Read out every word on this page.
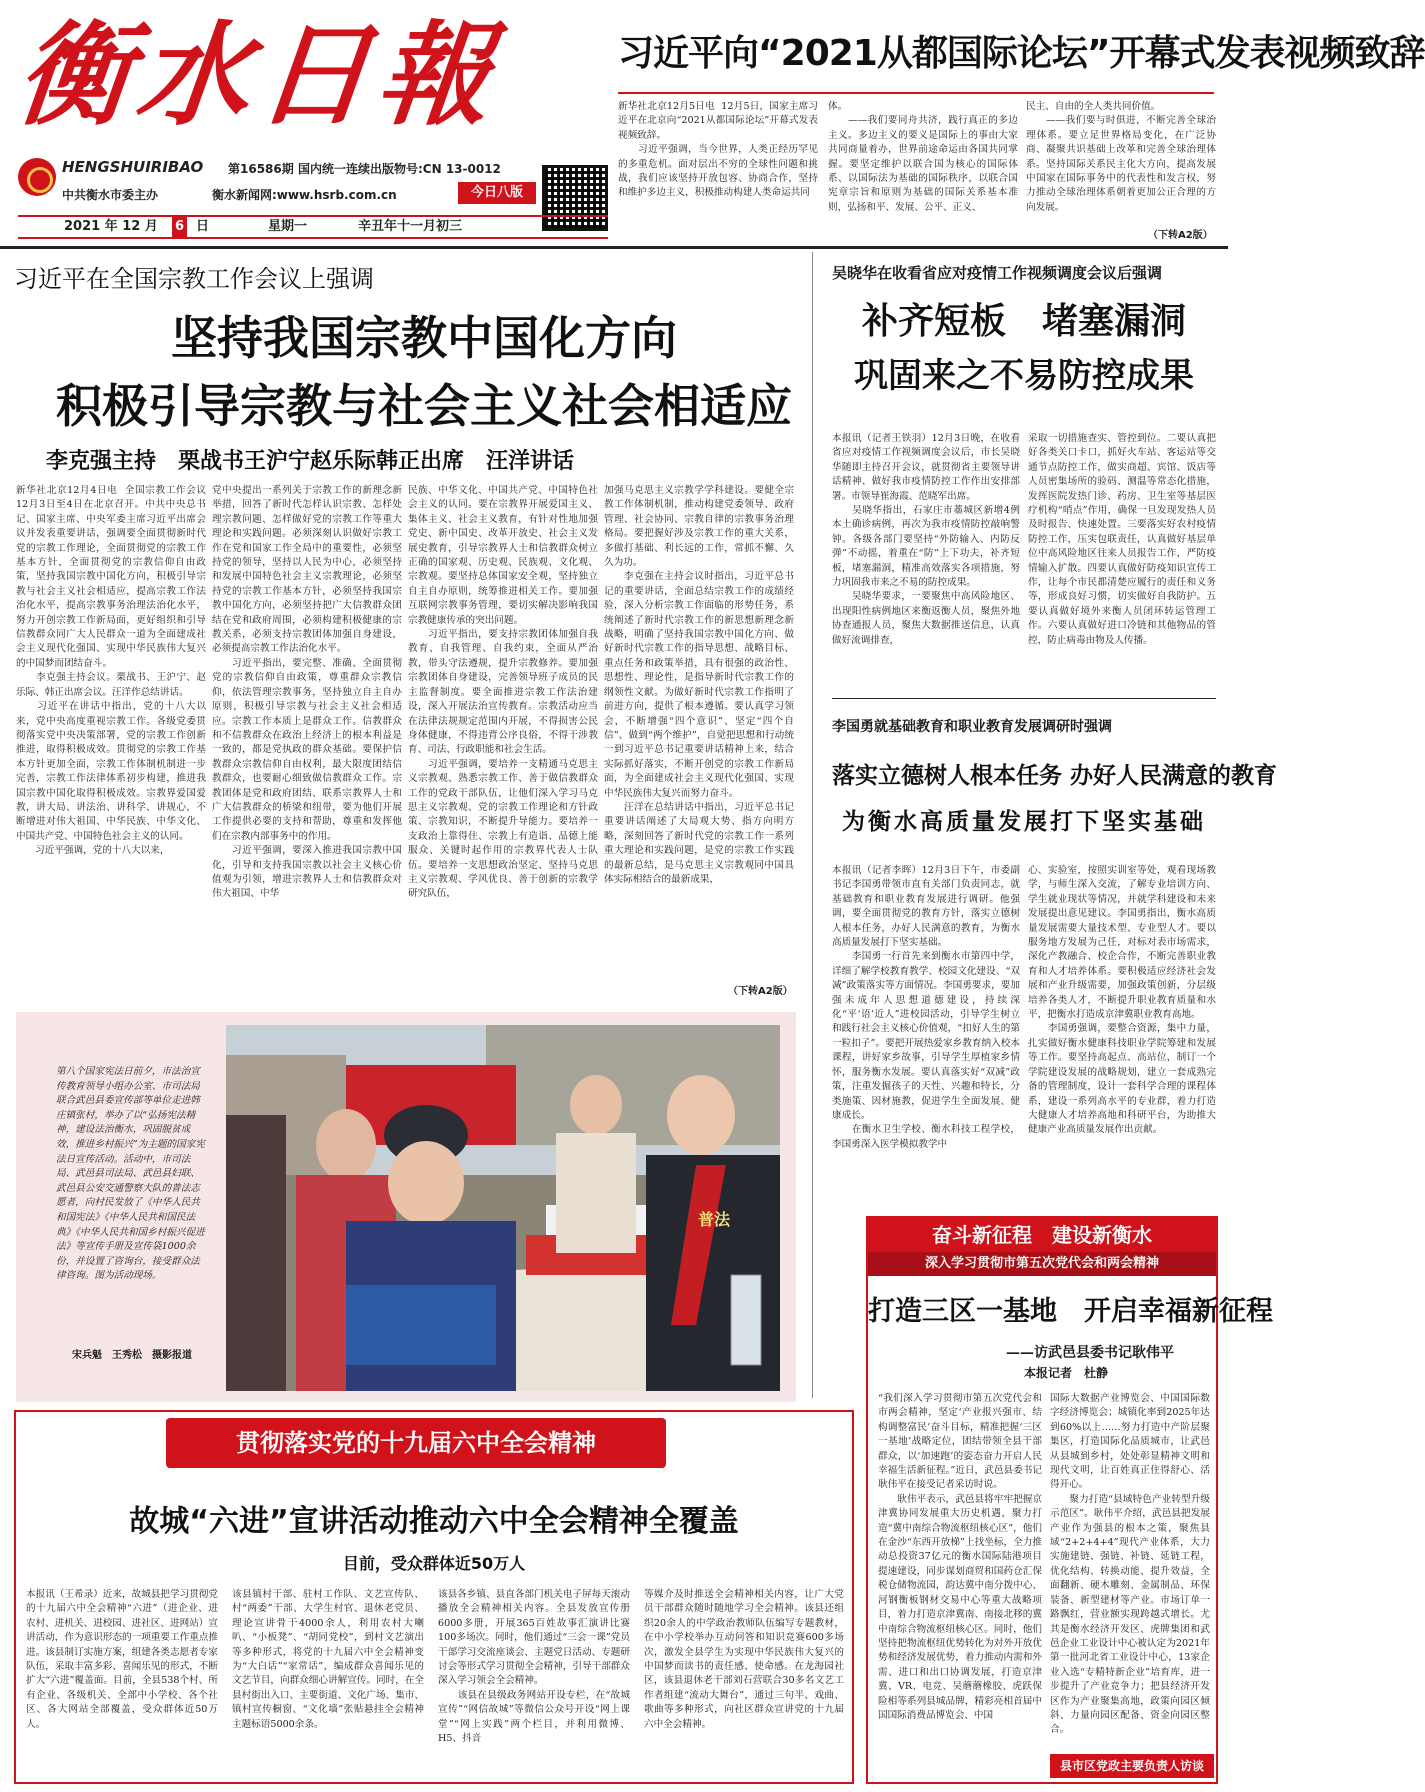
衡水日報	习近平向“2021从都国际论坛”开幕式发表视频致辞
HENGSHUIRIBAO 第16586期 国内统一连续出版物号:CN 13-0012
中共衡水市委主办	衡水新闻网:www.hsrb.com.cn	今日八版
2021 年 12 月 6 日	星期一	辛丑年十一月初三
新华社北京12月5日电  12月5日，国家主席习近平在北京向“2021从都国际论坛”开幕式发表视频致辞。
　　习近平强调，当今世界，人类正经历罕见的多重危机。面对层出不穷的全球性问题和挑战，我们应该坚持开放包容、协商合作，坚持和维护多边主义，积极推动构建人类命运共同
体。
　　——我们要同舟共济，践行真正的多边主义。多边主义的要义是国际上的事由大家共同商量着办，世界前途命运由各国共同掌握。要坚定维护以联合国为核心的国际体系、以国际法为基础的国际秩序，以联合国宪章宗旨和原则为基础的国际关系基本准则，弘扬和平、发展、公平、正义、
民主、自由的全人类共同价值。
　　——我们要与时俱进，不断完善全球治理体系。要立足世界格局变化，在广泛协商、凝聚共识基础上改革和完善全球治理体系。坚持国际关系民主化大方向，提高发展中国家在国际事务中的代表性和发言权，努力推动全球治理体系朝着更加公正合理的方向发展。
（下转A2版）
习近平在全国宗教工作会议上强调
坚持我国宗教中国化方向
积极引导宗教与社会主义社会相适应
李克强主持　栗战书王沪宁赵乐际韩正出席　汪洋讲话
新华社北京12月4日电  全国宗教工作会议12月3日至4日在北京召开。中共中央总书记、国家主席、中央军委主席习近平出席会议并发表重要讲话，强调要全面贯彻新时代党的宗教工作理论，全面贯彻党的宗教工作基本方针，全面贯彻党的宗教信仰自由政策，坚持我国宗教中国化方向，积极引导宗教与社会主义社会相适应，提高宗教工作法治化水平，提高宗教事务治理法治化水平，努力开创宗教工作新局面，更好组织和引导信教群众同广大人民群众一道为全面建成社会主义现代化强国、实现中华民族伟大复兴的中国梦而团结奋斗。
　　李克强主持会议。栗战书、王沪宁、赵乐际、韩正出席会议。汪洋作总结讲话。
　　习近平在讲话中指出，党的十八大以来，党中央高度重视宗教工作。各级党委贯彻落实党中央决策部署，党的宗教工作创新推进，取得积极成效。贯彻党的宗教工作基本方针更加全面，宗教工作体制机制进一步完善，宗教工作法律体系初步构建，推进我国宗教中国化取得积极成效。宗教界爱国爱教，讲大局、讲法治、讲科学、讲规心，不断增进对伟大祖国、中华民族、中华文化、中国共产党、中国特色社会主义的认同。
　　习近平强调，党的十八大以来，
党中央提出一系列关于宗教工作的新理念新举措，回答了新时代怎样认识宗教、怎样处理宗教问题、怎样做好党的宗教工作等重大理论和实践问题。必须深刻认识做好宗教工作在党和国家工作全局中的重要性，必须坚持党的领导，坚持以人民为中心，必须坚持和发展中国特色社会主义宗教理论，必须坚持党的宗教工作基本方针，必须坚持我国宗教中国化方向，必须坚持把广大信教群众团结在党和政府周围，必须构建积极健康的宗教关系，必须支持宗教团体加强自身建设，必须提高宗教工作法治化水平。
　　习近平指出，要完整、准确、全面贯彻党的宗教信仰自由政策，尊重群众宗教信仰，依法管理宗教事务，坚持独立自主自办原则，积极引导宗教与社会主义社会相适应。宗教工作本质上是群众工作。信教群众和不信教群众在政治上经济上的根本利益是一致的，都是党执政的群众基础。要保护信教群众宗教信仰自由权利，最大限度团结信教群众，也要耐心细致做信教群众工作。宗教团体是党和政府团结、联系宗教界人士和广大信教群众的桥梁和纽带，要为他们开展工作提供必要的支持和帮助，尊重和发挥他们在宗教内部事务中的作用。
　　习近平强调，要深入推进我国宗教中国化，引导和支持我国宗教以社会主义核心价值观为引领，增进宗教界人士和信教群众对伟大祖国、中华
民族、中华文化、中国共产党、中国特色社会主义的认同。要在宗教界开展爱国主义、集体主义、社会主义教育，有针对性地加强党史、新中国史、改革开放史、社会主义发展史教育，引导宗教界人士和信教群众树立正确的国家观、历史观、民族观、文化观、宗教观。要坚持总体国家安全观，坚持独立自主自办原则，统筹推进相关工作。要加强互联网宗教事务管理，要切实解决影响我国宗教健康传承的突出问题。
　　习近平指出，要支持宗教团体加强自我教育、自我管理、自我约束，全面从严治教，带头守法遵规，提升宗教修养。要加强宗教团体自身建设，完善领导班子成员的民主监督制度。要全面推进宗教工作法治建设，深入开展法治宣传教育。宗教活动应当在法律法规规定范围内开展，不得损害公民身体健康，不得违背公序良俗，不得干涉教育、司法、行政职能和社会生活。
　　习近平强调，要培养一支精通马克思主义宗教观、熟悉宗教工作、善于做信教群众工作的党政干部队伍，让他们深入学习马克思主义宗教观、党的宗教工作理论和方针政策、宗教知识，不断提升导能力。要培养一支政治上靠得住、宗教上有造诣、品德上能服众、关键时起作用的宗教界代表人士队伍。要培养一支思想政治坚定、坚持马克思主义宗教观、学风优良、善于创新的宗教学研究队伍，
加强马克思主义宗教学学科建设。要健全宗教工作体制机制，推动构建党委领导、政府管理、社会协同、宗教自律的宗教事务治理格局。要把握好涉及宗教工作的重大关系，多做打基础、利长远的工作，常抓不懈、久久为功。
　　李克强在主持会议时指出，习近平总书记的重要讲话，全面总结宗教工作的成绩经验，深入分析宗教工作面临的形势任务，系统阐述了新时代宗教工作的新思想新理念新战略，明确了坚持我国宗教中国化方向、做好新时代宗教工作的指导思想、战略目标、重点任务和政策举措，具有很强的政治性、思想性、理论性，是指导新时代宗教工作的纲领性文献。为做好新时代宗教工作指明了前进方向，提供了根本遵循。要认真学习领会，不断增强“四个意识”、坚定“四个自信”、做到“两个维护”，自觉把思想和行动统一到习近平总书记重要讲话精神上来，结合实际抓好落实，不断开创党的宗教工作新局面，为全面建成社会主义现代化强国、实现中华民族伟大复兴而努力奋斗。
　　汪洋在总结讲话中指出，习近平总书记重要讲话阐述了大局观大势、指方向明方略，深刻回答了新时代党的宗教工作一系列重大理论和实践问题，是党的宗教工作实践的最新总结，是马克思主义宗教观同中国具体实际相结合的最新成果，
（下转A2版）
第八个国家宪法日前夕，市法治宣传教育领导小组办公室、市司法局联合武邑县委宣传部等单位走进韩庄镇张村，举办了以“弘扬宪法精神，建设法治衡水，巩固脱贫成效，推进乡村振兴”为主题的国家宪法日宣传活动。活动中，市司法局、武邑县司法局、武邑县妇联、武邑县公安交通警察大队的普法志愿者，向村民发放了《中华人民共和国宪法》《中华人民共和国民法典》《中华人民共和国乡村振兴促进法》等宣传手册及宣传袋1000余份，并设置了咨询台，接受群众法律咨询。图为活动现场。
宋兵魁　王秀松　摄影报道
普法
吴晓华在收看省应对疫情工作视频调度会议后强调
补齐短板　堵塞漏洞
巩固来之不易防控成果
本报讯（记者王铁羽）12月3日晚，在收看省应对疫情工作视频调度会议后，市长吴晓华随即主持召开会议，就贯彻省主要领导讲话精神、做好我市疫情防控工作作出安排部署。市领导崔海霞、范晓军出席。
　　吴晓华指出，石家庄市藁城区新增4例本土确诊病例，再次为我市疫情防控敲响警钟。各级各部门要坚持“外防输入、内防反弹”不动摇，着重在“防”上下功夫，补齐短板，堵塞漏洞，精准高效落实各项措施，努力巩固我市来之不易的防控成果。
　　吴晓华要求，一要聚焦中高风险地区、出现阳性病例地区来衡返衡人员，聚焦外地协查通报人员，聚焦大数据推送信息，认真做好流调排查，
采取一切措施查实、管控到位。二要认真把好各类关口卡口，抓好火车站、客运站等交通节点防控工作，做实商超、宾馆、饭店等人员密集场所的验码、测温等常态化措施，发挥医院发热门诊、药房、卫生室等基层医疗机构“哨点”作用，确保一旦发现发热人员及时报告、快速处置。三要落实好农村疫情防控工作，压实包联责任，认真做好基层单位中高风险地区往来人员报告工作，严防疫情输入扩散。四要认真做好防疫知识宣传工作，让每个市民都清楚应履行的责任和义务等，形成良好习惯，切实做好自我防护。五要认真做好境外来衡人员闭环转运管理工作。六要认真做好进口冷链和其他物品的管控，防止病毒由物及人传播。
李国勇就基础教育和职业教育发展调研时强调
落实立德树人根本任务 办好人民满意的教育
为衡水高质量发展打下坚实基础
本报讯（记者李晖）12月3日下午，市委副书记李国勇带领市直有关部门负责同志，就基础教育和职业教育发展进行调研。他强调，要全面贯彻党的教育方针，落实立德树人根本任务，办好人民满意的教育，为衡水高质量发展打下坚实基础。
　　李国勇一行首先来到衡水市第四中学，详细了解学校教育教学、校园文化建设、“双减”政策落实等方面情况。李国勇要求，要加强未成年人思想道德建设，持续深化“平‘语’近人”进校园活动，引导学生树立和践行社会主义核心价值观，“扣好人生的第一粒扣子”。要把开展热爱家乡教育纳入校本课程，讲好家乡故事，引导学生厚植家乡情怀，服务衡水发展。要认真落实好“双减”政策，注重发掘孩子的天性、兴趣和特长，分类施策、因材施教，促进学生全面发展、健康成长。
　　在衡水卫生学校、衡水科技工程学校，李国勇深入医学模拟教学中
心、实验室，按照实训室等处，观看现场教学，与师生深入交流，了解专业培训方向、学生就业现状等情况，并就学科建设和未来发展提出意见建议。李国勇指出，衡水高质量发展需要大量技术型、专业型人才。要以服务地方发展为己任，对标对表市场需求，深化产教融合、校企合作，不断完善职业教育和人才培养体系。要积极适应经济社会发展和产业升级需要，加强政策创新，分层级培养各类人才，不断提升职业教育质量和水平，把衡水打造成京津冀职业教育高地。
　　李国勇强调，要整合资源，集中力量，扎实做好衡水健康科技职业学院筹建和发展等工作。要坚持高起点、高站位，制订一个学院建设发展的战略规划，建立一套成熟完备的管理制度，设计一套科学合理的课程体系，建设一系列高水平的专业群，着力打造大健康人才培养高地和科研平台，为助推大健康产业高质量发展作出贡献。
奋斗新征程　建设新衡水
深入学习贯彻市第五次党代会和两会精神
打造三区一基地　开启幸福新征程
——访武邑县委书记耿伟平
本报记者　杜静
“我们深入学习贯彻市第五次党代会和市两会精神，坚定‘产业报兴强市、结构调整富民’奋斗目标，精准把握‘三区一基地’战略定位，团结带领全县干部群众，以‘加速跑’的姿态奋力开启人民幸福生活新征程。”近日，武邑县委书记耿伟平在接受记者采访时说。
　　耿伟平表示，武邑县将牢牢把握京津冀协同发展重大历史机遇，聚力打造“冀中南综合物流枢纽核心区”，他们在金沙“东西开放梯”上找坐标，全力推动总投资37亿元的衡水国际陆港项目提速建设，同步谋划商贸和国药仓汇保税仓储物流园，韵达冀中南分拨中心、河钢衡板钢材交易中心等重大战略项目，着力打造京津冀南、南接北移的冀中南综合物流枢纽核心区。同时，他们坚持把物流枢纽优势转化为对外开放优势和经济发展优势，着力推动内需和外需、进口和出口协调发展，打造京津冀、VR、电竞、吴蘑蘑橡胶、虎跃保险相等系列县城品牌，精彩亮相首届中国国际消费品博览会、中国
国际大数据产业博览会、中国国际数字经济博览会；城镇化率到2025年达到60%以上……努力打造中产阶层聚集区，打造国际化品质城市，让武邑从县城到乡村，处处彰显精神文明和现代文明，让百姓真正住得舒心、活得开心。
　　聚力打造“县域特色产业转型升级示范区”。耿伟平介绍，武邑县把发展产业作为强县的根本之策，聚焦县域“2+2+4+4”现代产业体系，大力实施建链、强链、补链、延链工程，优化结构、转换动能、提升效益，全面翻新、硬木雕刻、金属制品、环保装备、新型建材等产业。市场订单一路飘红，营业额实现跨越式增长。尤其是衡水经济开发区、虎牌集团和武邑企业工业设计中心被认定为2021年第一批河北省工业设计中心，13家企业入选“专精特新企业”培育库，进一步提升了产业竞争力；把县经济开发区作为产业聚集高地，政策向园区倾斜、力量向园区配备、资金向园区整合。
县市区党政主要负责人访谈
贯彻落实党的十九届六中全会精神
故城“六进”宣讲活动推动六中全会精神全覆盖
目前，受众群体近50万人
本报讯（王希录）近来，故城县把学习贯彻党的十九届六中全会精神“六进”（进企业、进农村、进机关、进校园、进社区、进网站）宣讲活动，作为意识形态的一项重要工作重点推进。该县制订实施方案，组建各类志愿者专家队伍，采取丰富多彩、喜闻乐见的形式，不断扩大“六进”覆盖面。目前，全县538个村、所有企业、各级机关、全部中小学校、各个社区、各大网站全部覆盖，受众群体近50万人。
该县镇村干部、驻村工作队、文艺宣传队、村“两委”干部、大学生村官、退休老党员、理论宣讲骨干4000余人，利用农村大喇叭、“小板凳”、“胡同党校”，到村文艺演出等多种形式，将党的十九届六中全会精神变为“大白话”“家常话”，编成群众喜闻乐见的文艺节目，向群众细心讲解宣传。同时，在全县村街出入口、主要街道、文化广场、集市、镇村宣传橱窗、“文化墙”张贴悬挂全会精神主题标语5000余条。
该县各乡镇、县直各部门机关电子屏每天滚动播放全会精神相关内容。全县发放宣传册6000多册，开展365百姓故事汇演讲比赛100多场次。同时，他们通过“三会一课”党员干部学习交流座谈会、主题党日活动、专题研讨会等形式学习贯彻全会精神，引导干部群众深入学习领会全会精神。
　　该县在县级政务网站开设专栏，在“故城宣传”“网信故城”等微信公众号开设“网上课堂”“网上实践”两个栏目，并利用微博、H5、抖音
等媒介及时推送全会精神相关内容，让广大党员干部群众随时随地学习全会精神。该县还组织20余人的中学政治教师队伍编写专题教材，在中小学校举办互动问答和知识竞赛600多场次，激发全县学生为实现中华民族伟大复兴的中国梦而读书的责任感、使命感。在龙海园社区，该县退休老干部刘石营联合30多名文艺工作者组建“流动大舞台”，通过三句半、戏曲、歌曲等多种形式，向社区群众宣讲党的十九届六中全会精神。
